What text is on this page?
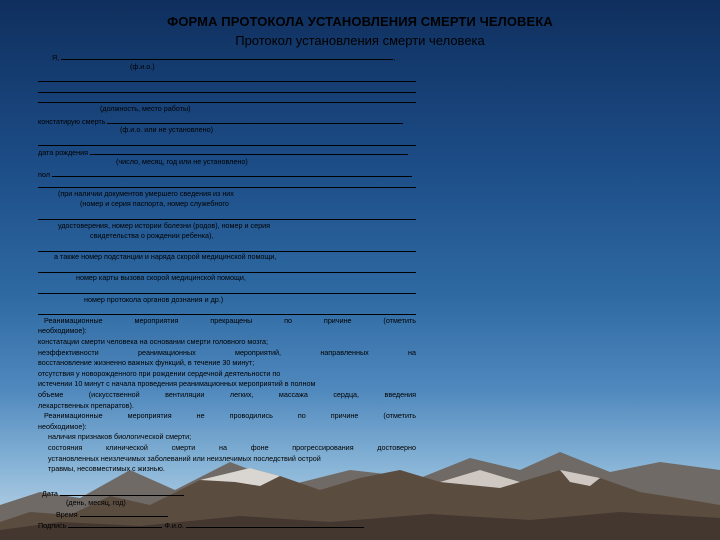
ФОРМА ПРОТОКОЛА УСТАНОВЛЕНИЯ СМЕРТИ ЧЕЛОВЕКА
Протокол установления смерти человека
Я,	,
(ф.и.о.)
(должность, место работы)
констатирую смерть
(ф.и.о. или не установлено)
дата рождения
(число, месяц, год или не установлено)
пол
(при наличии документов умершего сведения из них
(номер и серия паспорта, номер служебного
удостоверения, номер истории болезни (родов), номер и серия
свидетельства о рождении ребенка),
а также номер подстанции и наряда скорой медицинской помощи,
номер карты вызова скорой медицинской помощи,
номер протокола органов дознания и др.)
Реанимационные мероприятия прекращены по причине (отметить
необходимое):
констатации смерти человека на основании смерти головного мозга;
неэффективности реанимационных мероприятий, направленных на
восстановление жизненно важных функций, в течение 30 минут;
отсутствия у новорожденного при рождении сердечной деятельности по
истечении 10 минут с начала проведения реанимационных мероприятий в полном
объеме (искусственной вентиляции легких, массажа сердца, введения
лекарственных препаратов).
Реанимационные мероприятия не проводились по причине (отметить
необходимое):
наличия признаков биологической смерти;
состояния клинической смерти на фоне прогрессирования достоверно
установленных неизлечимых заболеваний или неизлечимых последствий острой
травмы, несовместимых с жизнью.
Дата
(день, месяц, год)
Время
Подпись	Ф.и.о.
